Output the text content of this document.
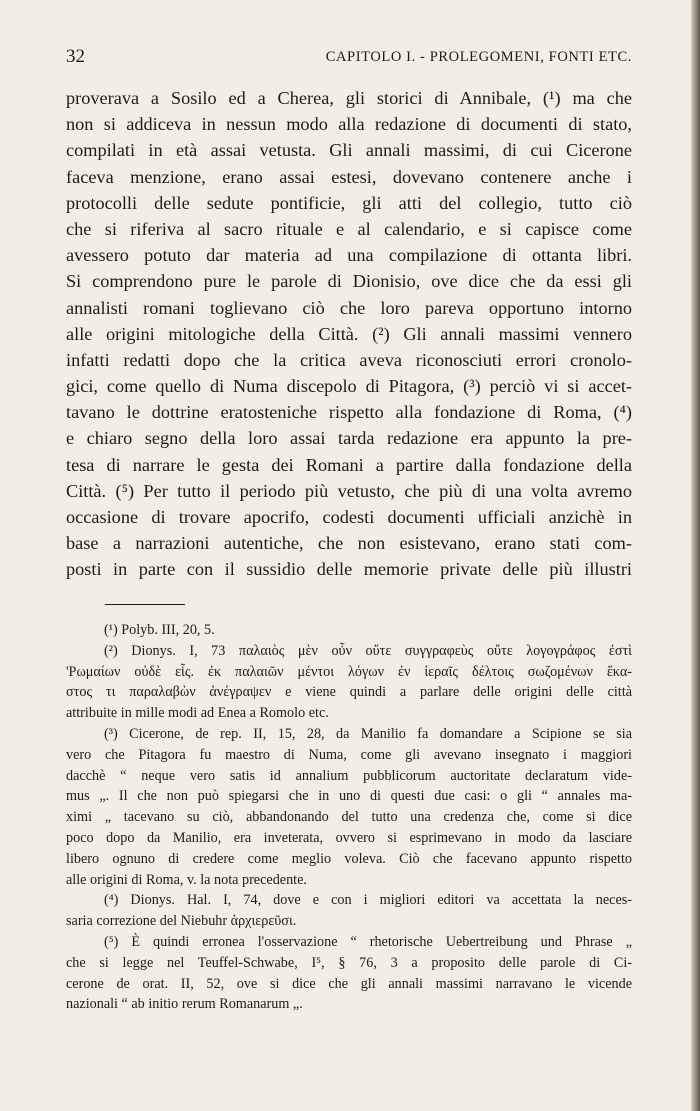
32	CAPITOLO I. - PROLEGOMENI, FONTI ETC.
proverava a Sosilo ed a Cherea, gli storici di Annibale, (¹) ma che
non si addiceva in nessun modo alla redazione di documenti di stato,
compilati in età assai vetusta. Gli annali massimi, di cui Cicerone
faceva menzione, erano assai estesi, dovevano contenere anche i
protocolli delle sedute pontificie, gli atti del collegio, tutto ciò
che si riferiva al sacro rituale e al calendario, e si capisce come
avessero potuto dar materia ad una compilazione di ottanta libri.
Si comprendono pure le parole di Dionisio, ove dice che da essi gli
annalisti romani toglievano ciò che loro pareva opportuno intorno
alle origini mitologiche della Città. (²) Gli annali massimi vennero
infatti redatti dopo che la critica aveva riconosciuti errori cronolo-
gici, come quello di Numa discepolo di Pitagora, (³) perciò vi si accet-
tavano le dottrine eratosteniche rispetto alla fondazione di Roma, (⁴)
e chiaro segno della loro assai tarda redazione era appunto la pre-
tesa di narrare le gesta dei Romani a partire dalla fondazione della
Città. (⁵) Per tutto il periodo più vetusto, che più di una volta avremo
occasione di trovare apocrifo, codesti documenti ufficiali anzichè in
base a narrazioni autentiche, che non esistevano, erano stati com-
posti in parte con il sussidio delle memorie private delle più illustri
(¹) Polyb. III, 20, 5.
(²) Dionys. I, 73 παλαιὸς μὲν οὖν οὔτε συγγραφεὺς οὔτε λογογράφος ἐστὶ
'Ρωμαίων οὐδὲ εἷς. ἐκ παλαιῶν μέντοι λόγων ἐν ἱεραῖς δέλτοις σωζομένων ἕκα-
στος τι παραλαβὼν ἀνέγραψεν e viene quindi a parlare delle origini delle città
attribuite in mille modi ad Enea a Romolo etc.
(³) Cicerone, de rep. II, 15, 28, da Manilio fa domandare a Scipione se sia
vero che Pitagora fu maestro di Numa, come gli avevano insegnato i maggiori
dacchè “ neque vero satis id annalium pubblicorum auctoritate declaratum vide-
mus „. Il che non può spiegarsi che in uno di questi due casi: o gli “ annales ma-
ximi „ tacevano su ciò, abbandonando del tutto una credenza che, come si dice
poco dopo da Manilio, era inveterata, ovvero si esprimevano in modo da lasciare
libero ognuno di credere come meglio voleva. Ciò che facevano appunto rispetto
alle origini di Roma, v. la nota precedente.
(⁴) Dionys. Hal. I, 74, dove e con i migliori editori va accettata la neces-
saria correzione del Niebuhr ἀρχιερεῦσι.
(⁵) È quindi erronea l'osservazione “ rhetorische Uebertreibung und Phrase „
che si legge nel Teuffel-Schwabe, I⁵, § 76, 3 a proposito delle parole di Ci-
cerone de orat. II, 52, ove si dice che gli annali massimi narravano le vicende
nazionali “ ab initio rerum Romanarum „.
